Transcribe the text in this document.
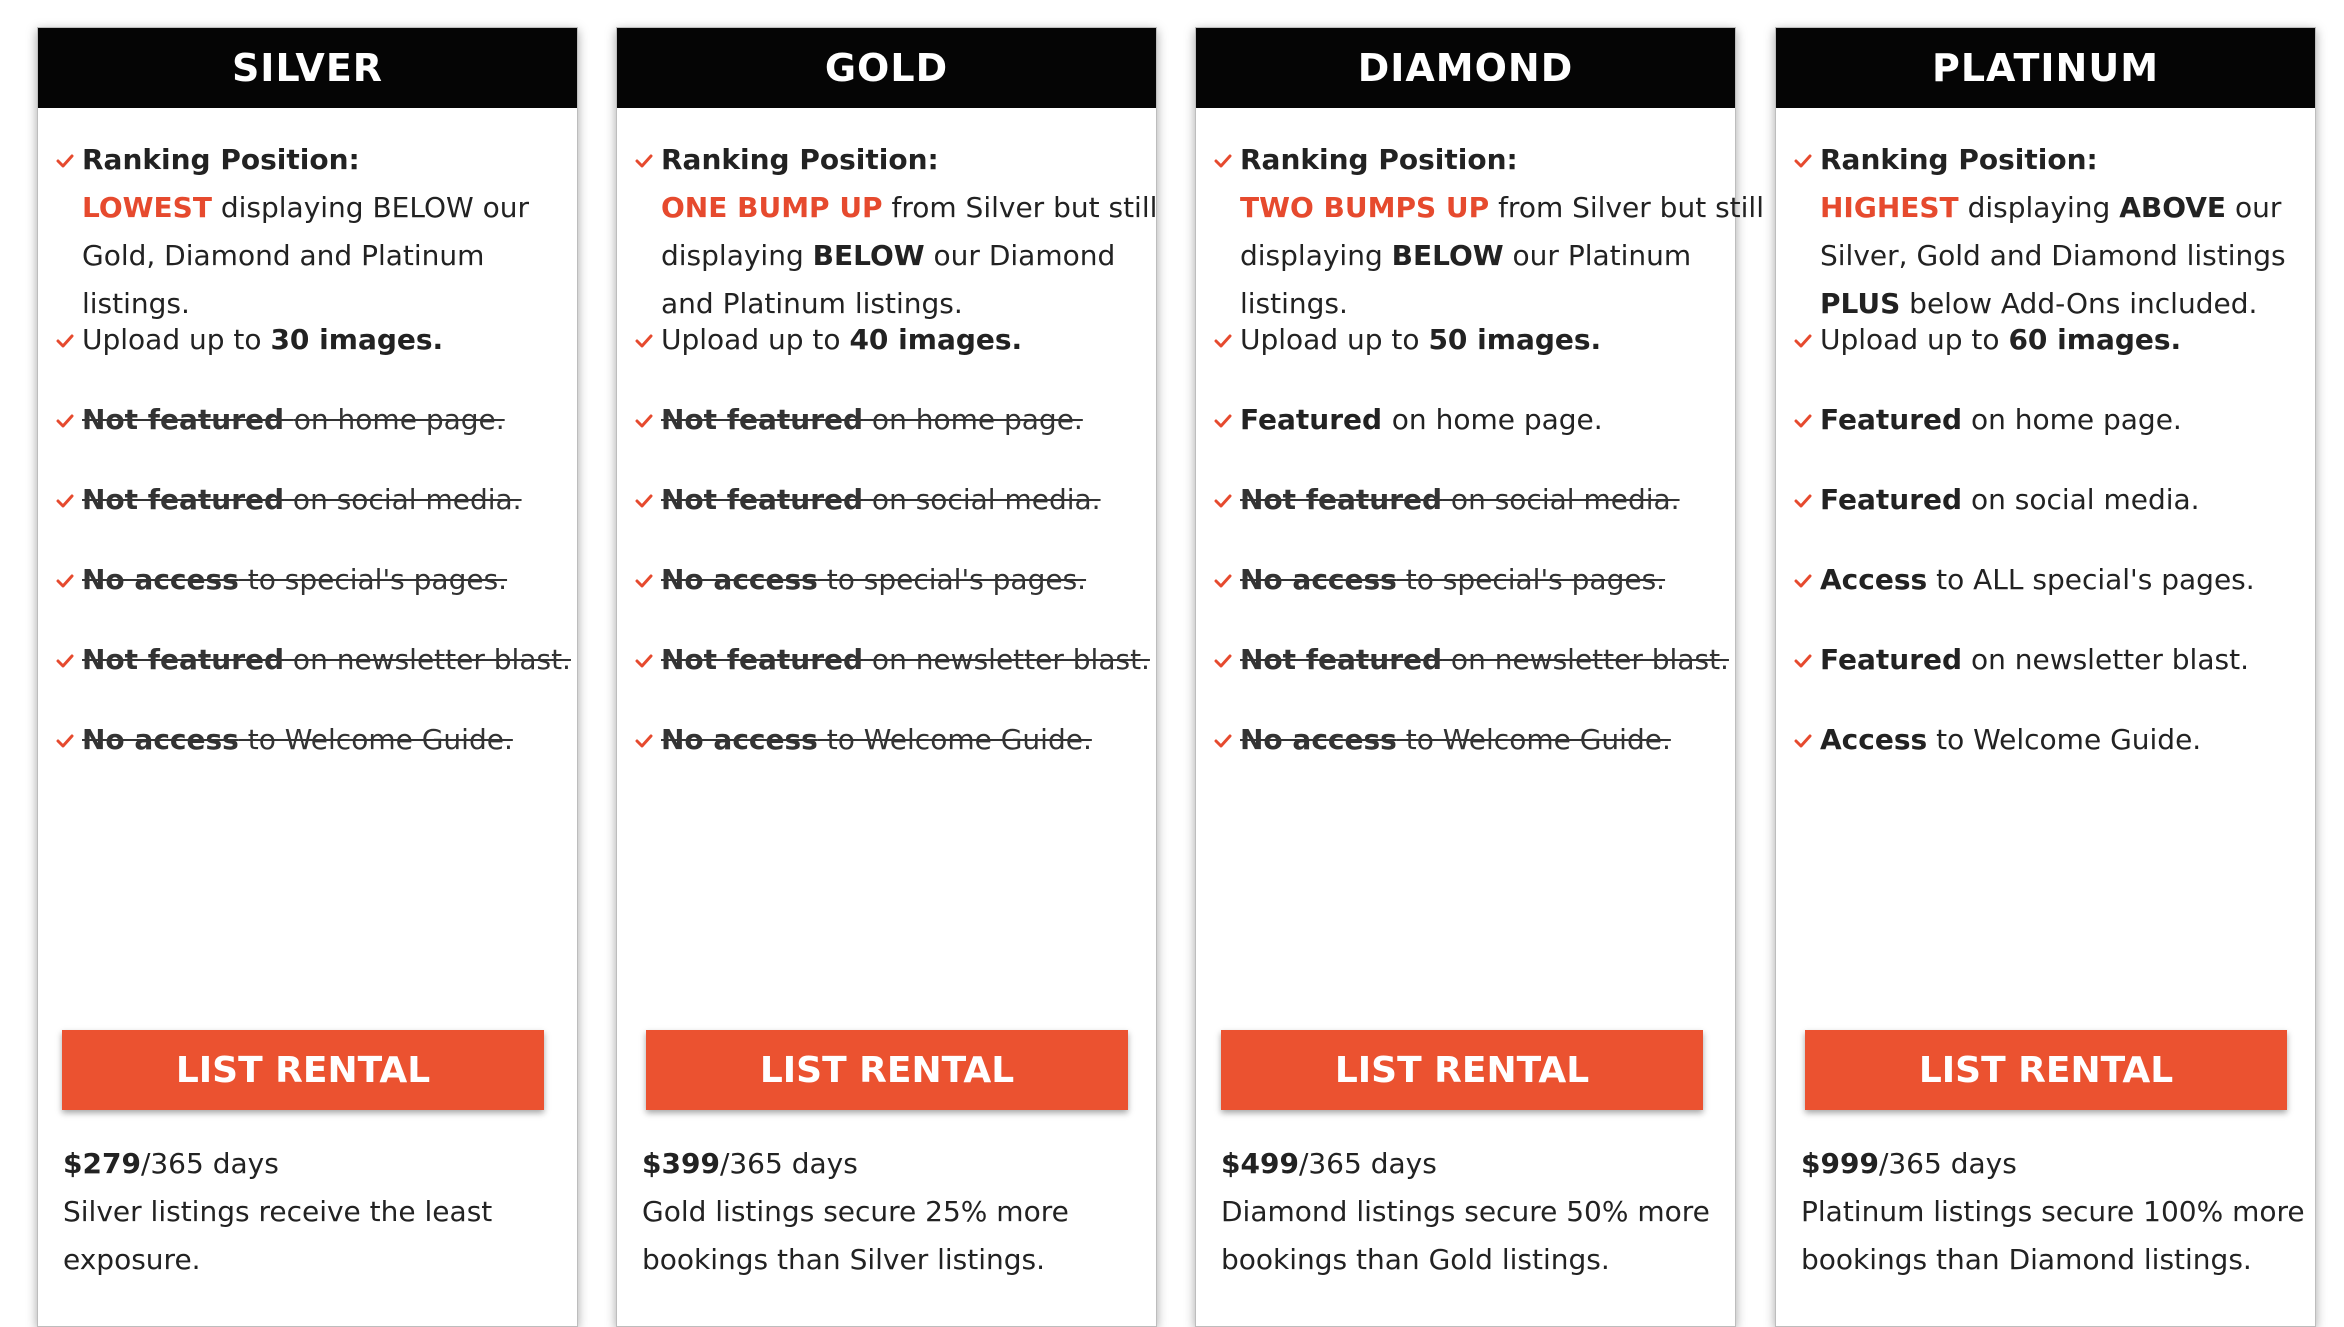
SILVER
Ranking Position:
LOWEST displaying BELOW our
Gold, Diamond and Platinum
listings.
Upload up to 30 images.
Not featured on home page.
Not featured on social media.
No access to special's pages.
Not featured on newsletter blast.
No access to Welcome Guide.
LIST RENTAL
$279/365 days
Silver listings receive the least
exposure.
GOLD
Ranking Position:
ONE BUMP UP from Silver but still
displaying BELOW our Diamond
and Platinum listings.
Upload up to 40 images.
Not featured on home page.
Not featured on social media.
No access to special's pages.
Not featured on newsletter blast.
No access to Welcome Guide.
LIST RENTAL
$399/365 days
Gold listings secure 25% more
bookings than Silver listings.
DIAMOND
Ranking Position:
TWO BUMPS UP from Silver but still
displaying BELOW our Platinum
listings.
Upload up to 50 images.
Featured on home page.
Not featured on social media.
No access to special's pages.
Not featured on newsletter blast.
No access to Welcome Guide.
LIST RENTAL
$499/365 days
Diamond listings secure 50% more
bookings than Gold listings.
PLATINUM
Ranking Position:
HIGHEST displaying ABOVE our
Silver, Gold and Diamond listings
PLUS below Add-Ons included.
Upload up to 60 images.
Featured on home page.
Featured on social media.
Access to ALL special's pages.
Featured on newsletter blast.
Access to Welcome Guide.
LIST RENTAL
$999/365 days
Platinum listings secure 100% more
bookings than Diamond listings.
